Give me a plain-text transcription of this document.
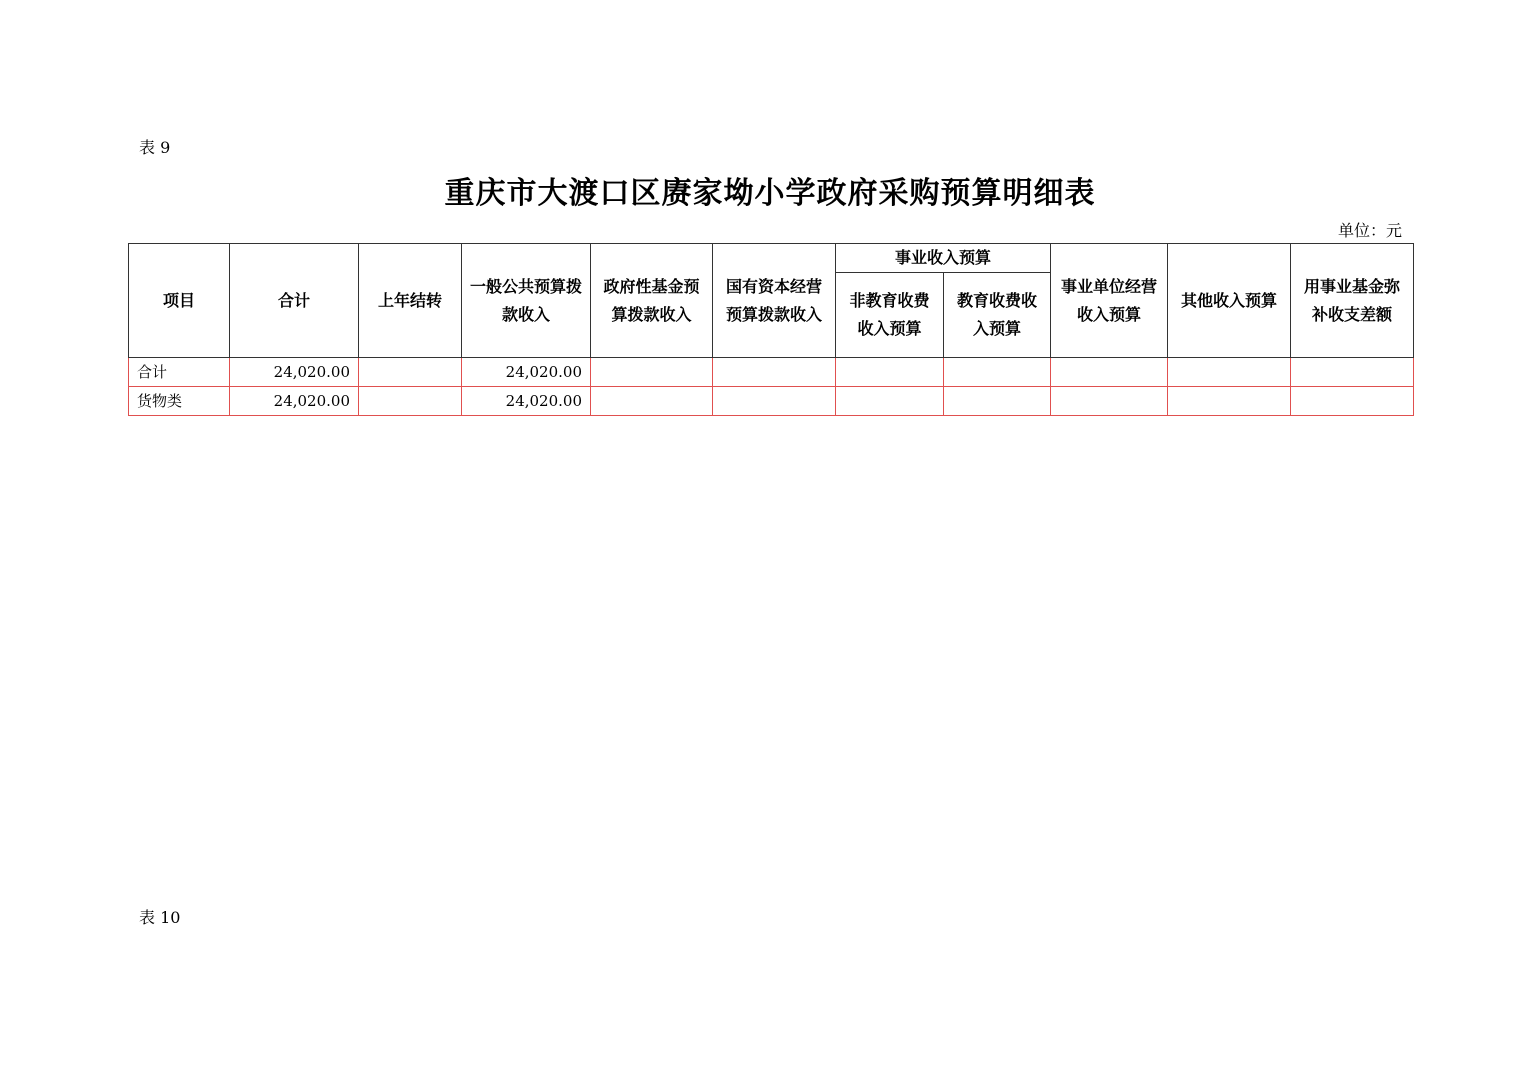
表 9
重庆市大渡口区赓家坳小学政府采购预算明细表
单位：元
项目	合计	上年结转	一般公共预算拨款收入	政府性基金预算拨款收入	国有资本经营预算拨款收入	事业收入预算		事业单位经营收入预算	其他收入预算	用事业基金弥补收支差额
						非教育收费收入预算	教育收费收入预算			
合计	24,020.00		24,020.00							
货物类	24,020.00		24,020.00							
表 10
